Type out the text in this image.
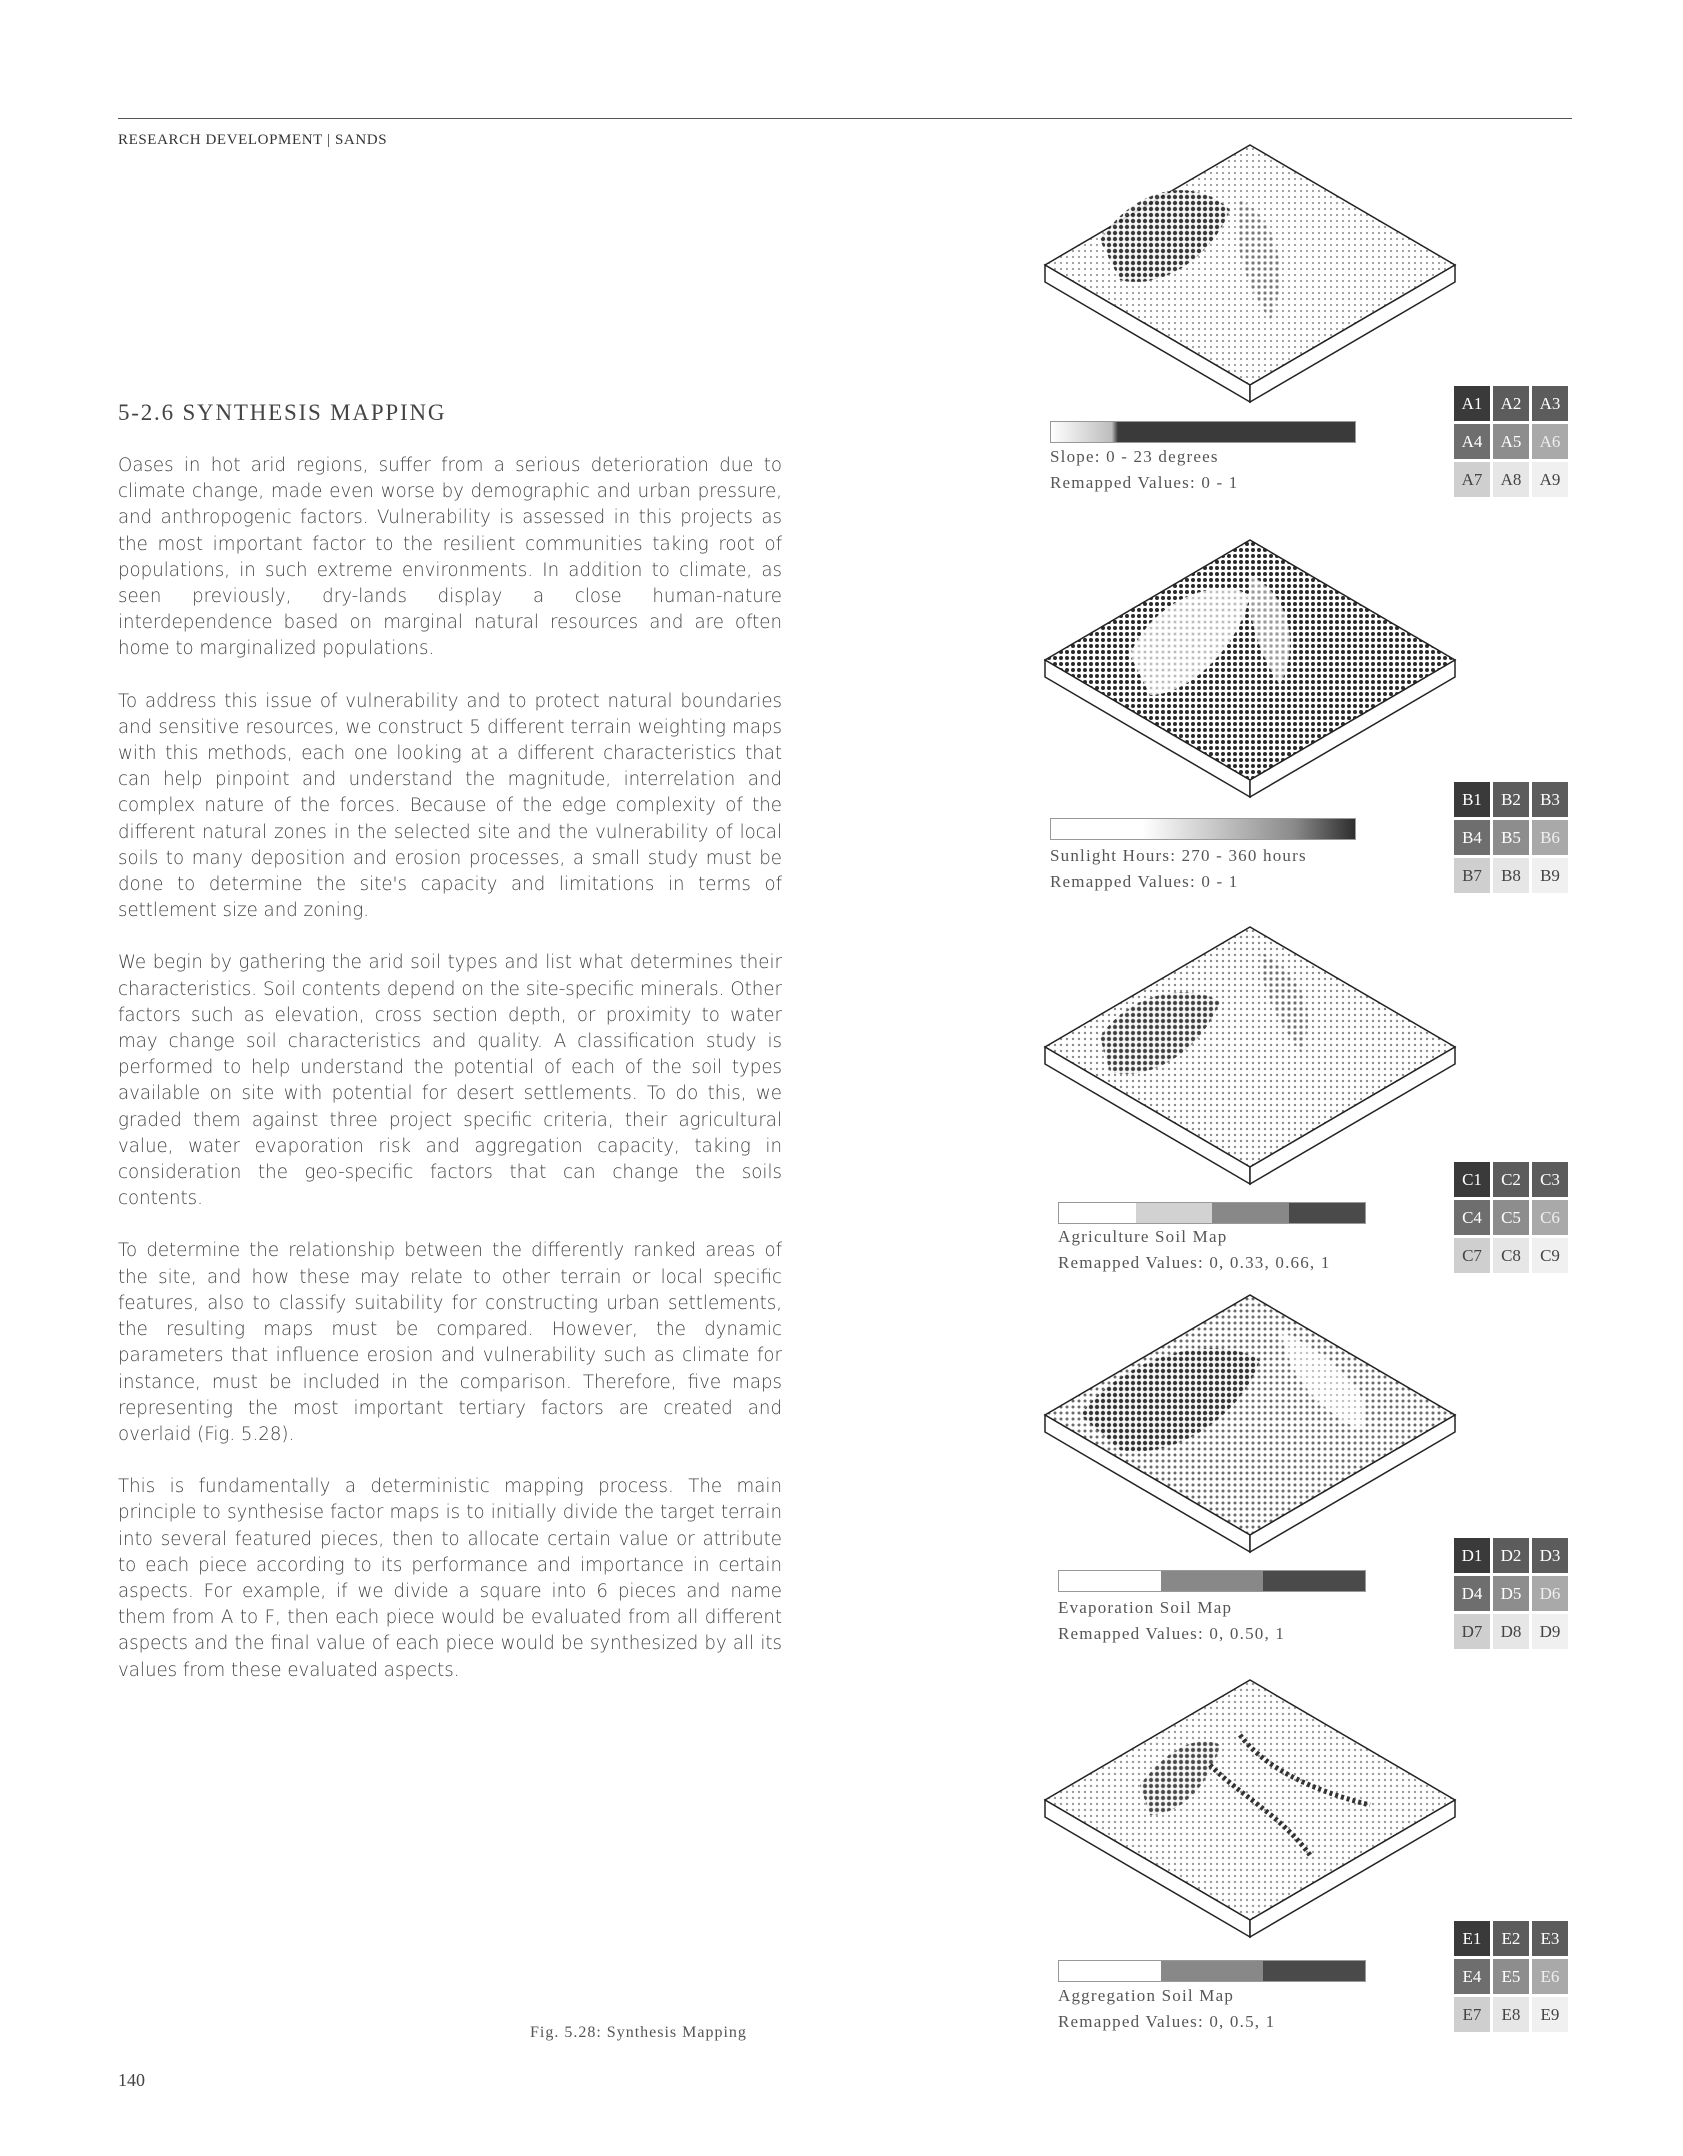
RESEARCH DEVELOPMENT | SANDS
5-2.6 SYNTHESIS MAPPING

Oases in hot arid regions, suffer from a serious deterioration due to climate change, made even worse by demographic and urban pressure, and anthropogenic factors. Vulnerability is assessed in this projects as the most important factor to the resilient communities taking root of populations, in such extreme environments. In addition to climate, as seen previously, dry-lands display a close human-nature interdependence based on marginal natural resources and are often home to marginalized populations.

To address this issue of vulnerability and to protect natural boundaries and sensitive resources, we construct 5 different terrain weighting maps with this methods, each one looking at a different characteristics that can help pinpoint and understand the magnitude, interrelation and complex nature of the forces. Because of the edge complexity of the different natural zones in the selected site and the vulnerability of local soils to many deposition and erosion processes, a small study must be done to determine the site's capacity and limitations in terms of settlement size and zoning.

We begin by gathering the arid soil types and list what determines their characteristics. Soil contents depend on the site-specific minerals. Other factors such as elevation, cross section depth, or proximity to water may change soil characteristics and quality. A classification study is performed to help understand the potential of each of the soil types available on site with potential for desert settlements. To do this, we graded them against three project specific criteria, their agricultural value, water evaporation risk and aggregation capacity, taking in consideration the geo-specific factors that can change the soils contents.

To determine the relationship between the differently ranked areas of the site, and how these may relate to other terrain or local specific features, also to classify suitability for constructing urban settlements, the resulting maps must be compared. However, the dynamic parameters that influence erosion and vulnerability such as climate for instance, must be included in the comparison. Therefore, five maps representing the most important tertiary factors are created and overlaid (Fig. 5.28).

This is fundamentally a deterministic mapping process. The main principle to synthesise factor maps is to initially divide the target terrain into several featured pieces, then to allocate certain value or attribute to each piece according to its performance and importance in certain aspects. For example, if we divide a square into 6 pieces and name them from A to F, then each piece would be evaluated from all different aspects and the final value of each piece would be synthesized by all its values from these evaluated aspects.

Slope: 0 - 23 degrees
Remapped Values: 0 - 1
A1	A2	A3
A4	A5	A6
A7	A8	A9
Sunlight Hours: 270 - 360 hours
Remapped Values: 0 - 1
B1	B2	B3
B4	B5	B6
B7	B8	B9
Agriculture Soil Map
Remapped Values: 0, 0.33, 0.66, 1
C1	C2	C3
C4	C5	C6
C7	C8	C9
Evaporation Soil Map
Remapped Values: 0, 0.50, 1
D1	D2	D3
D4	D5	D6
D7	D8	D9
Aggregation Soil Map
Remapped Values: 0, 0.5, 1
E1	E2	E3
E4	E5	E6
E7	E8	E9
Fig. 5.28: Synthesis Mapping
140
